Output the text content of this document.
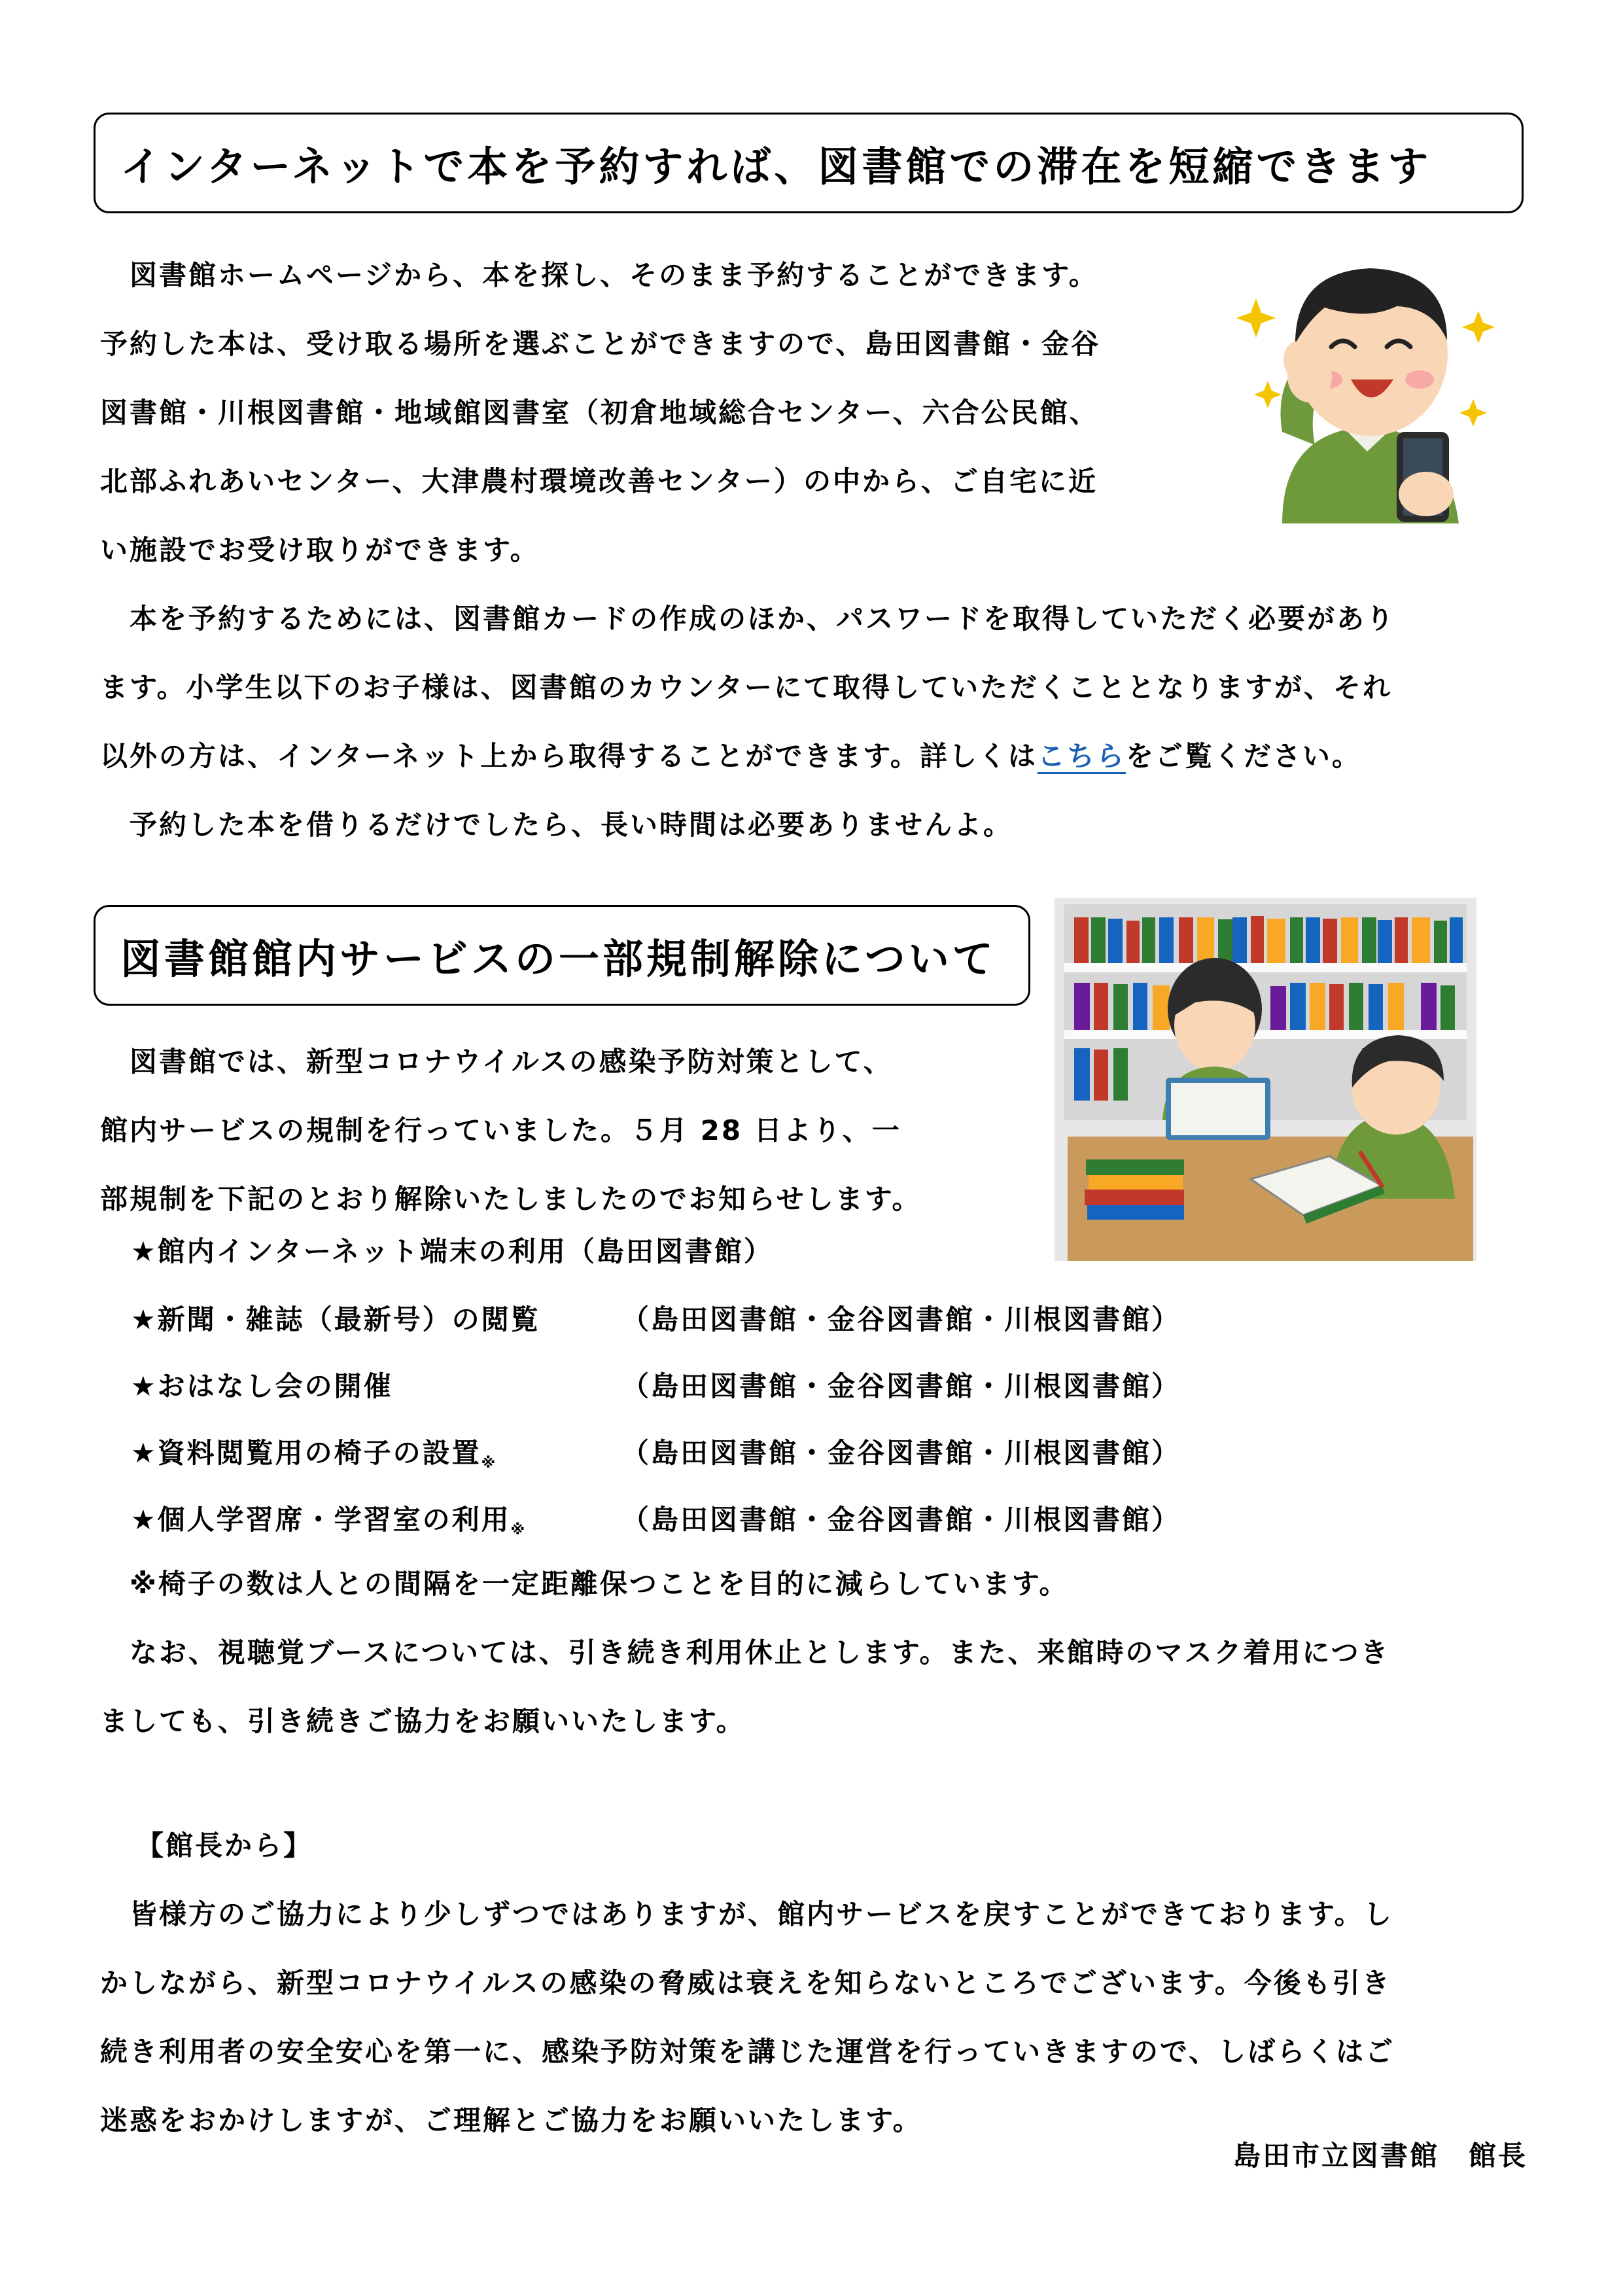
インターネットで本を予約すれば、図書館での滞在を短縮できます
　図書館ホームページから、本を探し、そのまま予約することができます。
予約した本は、受け取る場所を選ぶことができますので、島田図書館・金谷
図書館・川根図書館・地域館図書室（初倉地域総合センター、六合公民館、
北部ふれあいセンター、大津農村環境改善センター）の中から、ご自宅に近
い施設でお受け取りができます。
　本を予約するためには、図書館カードの作成のほか、パスワードを取得していただく必要があり
ます。小学生以下のお子様は、図書館のカウンターにて取得していただくこととなりますが、それ
以外の方は、インターネット上から取得することができます。詳しくはこちらをご覧ください。
　予約した本を借りるだけでしたら、長い時間は必要ありませんよ。
図書館館内サービスの一部規制解除について
　図書館では、新型コロナウイルスの感染予防対策として、
館内サービスの規制を行っていました。５月 28 日より、一
部規制を下記のとおり解除いたしましたのでお知らせします。
★館内インターネット端末の利用（島田図書館）
★新聞・雑誌（最新号）の閲覧	（島田図書館・金谷図書館・川根図書館）
★おはなし会の開催	（島田図書館・金谷図書館・川根図書館）
★資料閲覧用の椅子の設置$_※$	（島田図書館・金谷図書館・川根図書館）
★個人学習席・学習室の利用$_※$	（島田図書館・金谷図書館・川根図書館）
　※椅子の数は人との間隔を一定距離保つことを目的に減らしています。
　なお、視聴覚ブースについては、引き続き利用休止とします。また、来館時のマスク着用につき
ましても、引き続きご協力をお願いいたします。
【館長から】
　皆様方のご協力により少しずつではありますが、館内サービスを戻すことができております。し
かしながら、新型コロナウイルスの感染の脅威は衰えを知らないところでございます。今後も引き
続き利用者の安全安心を第一に、感染予防対策を講じた運営を行っていきますので、しばらくはご
迷惑をおかけしますが、ご理解とご協力をお願いいたします。
島田市立図書館　館長
